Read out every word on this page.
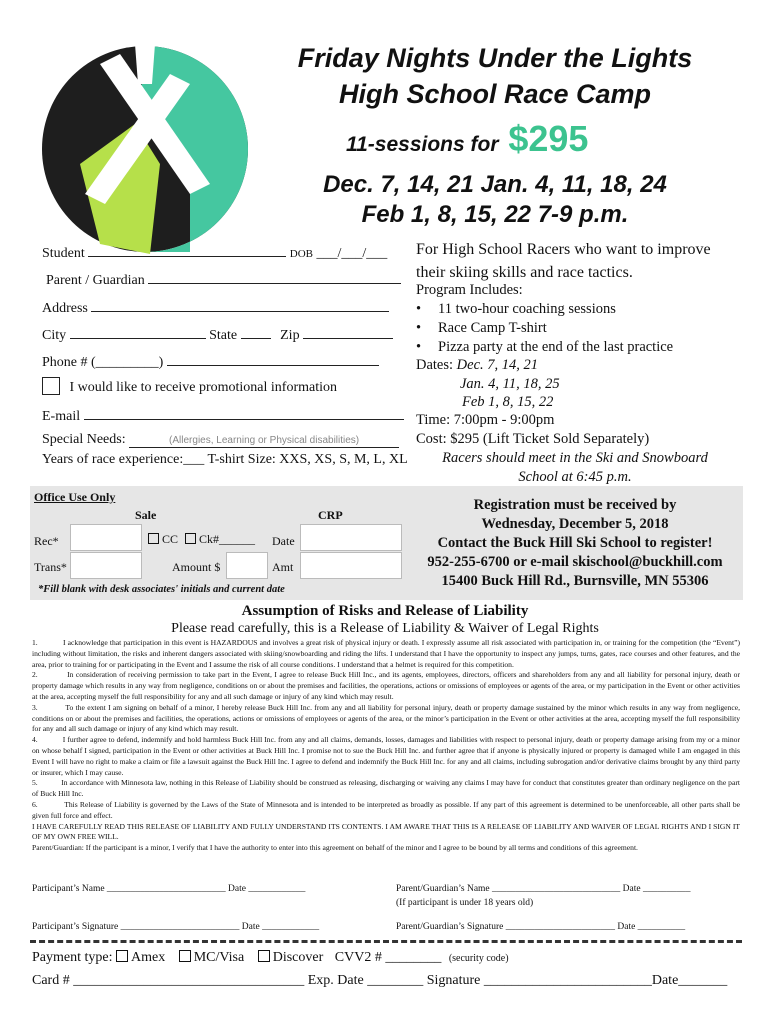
Friday Nights Under the Lights
High School Race Camp
11-sessions for $295
Dec. 7, 14, 21 Jan. 4, 11, 18, 24
Feb 1, 8, 15, 22 7-9 p.m.
Student	DOB ___/___/___
Parent / Guardian
Address
City	State	Zip
Phone # (_________)
I would like to receive promotional information
E-mail
Special Needs:	(Allergies, Learning or Physical disabilities)
Years of race experience:___ T-shirt Size: XXS, XS, S, M, L, XL
For High School Racers who want to improve their skiing skills and race tactics.
Program Includes:
• 11 two-hour coaching sessions
• Race Camp T-shirt
• Pizza party at the end of the last practice
Dates: Dec. 7, 14, 21
Jan. 4, 11, 18, 25
Feb 1, 8, 15, 22
Time: 7:00pm - 9:00pm
Cost: $295 (Lift Ticket Sold Separately)
Racers should meet in the Ski and Snowboard School at 6:45 p.m.
Office Use Only
Sale	CRP
Rec*	CC Ck#______ Date
Trans*	Amount $	Amt
*Fill blank with desk associates' initials and current date
Registration must be received by
Wednesday, December 5, 2018
Contact the Buck Hill Ski School to register!
952-255-6700 or e-mail skischool@buckhill.com
15400 Buck Hill Rd., Burnsville, MN 55306
Assumption of Risks and Release of Liability
Please read carefully, this is a Release of Liability & Waiver of Legal Rights

1.            I acknowledge that participation in this event is HAZARDOUS and involves a great risk of physical injury or death. I expressly assume all risk associated with participation in, or training for the competition (the “Event”) including without limitation, the risks and inherent dangers associated with skiing/snowboarding and riding the lifts. I understand that I have the opportunity to inspect any jumps, turns, gates, race courses and other features, and the area, prior to training for or participating in the Event and I assume the risk of all course conditions. I understand that a helmet is required for this competition.

2.            In consideration of receiving permission to take part in the Event, I agree to release Buck Hill Inc., and its agents, employees, directors, officers and shareholders from any and all liability for personal injury, death or property damage which results in any way from negligence, conditions on or about the premises and facilities, the operations, actions or omissions of employees or agents of the area, or my participation in the Event or other activities at the area, accepting myself the full responsibility for any and all such damage or injury of any kind which may result.

3.            To the extent I am signing on behalf of a minor, I hereby release Buck Hill Inc. from any and all liability for personal injury, death or property damage sustained by the minor which results in any way from negligence, conditions on or about the premises and facilities, the operations, actions or omissions of employees or agents of the area, or the minor’s participation in the Event or other activities at the area, accepting myself the full responsibility for any and all such damage or injury of any kind which may result.

4.            I further agree to defend, indemnify and hold harmless Buck Hill Inc. from any and all claims, demands, losses, damages and liabilities with respect to personal injury, death or property damage arising from my or a minor on whose behalf I signed, participation in the Event or other activities at Buck Hill Inc. I promise not to sue the Buck Hill Inc. and further agree that if anyone is physically injured or property is damaged while I am engaged in this Event I will have no right to make a claim or file a lawsuit against the Buck Hill Inc. I agree to defend and indemnify the Buck Hill Inc. for any and all claims, including subrogation and/or derivative claims brought by any third party or insurer, which I may cause.

5.            In accordance with Minnesota law, nothing in this Release of Liability should be construed as releasing, discharging or waiving any claims I may have for conduct that constitutes greater than ordinary negligence on the part of Buck Hill Inc.

6.            This Release of Liability is governed by the Laws of the State of Minnesota and is intended to be interpreted as broadly as possible. If any part of this agreement is determined to be unenforceable, all other parts shall be given full force and effect.

I HAVE CAREFULLY READ THIS RELEASE OF LIABILITY AND FULLY UNDERSTAND ITS CONTENTS. I AM AWARE THAT THIS IS A RELEASE OF LIABILITY AND WAIVER OF LEGAL RIGHTS AND I SIGN IT OF MY OWN FREE WILL.

Parent/Guardian: If the participant is a minor, I verify that I have the authority to enter into this agreement on behalf of the minor and I agree to be bound by all terms and conditions of this agreement.

Participant’s Name _________________________ Date ____________	Parent/Guardian’s Name ___________________________ Date __________
(If participant is under 18 years old)
Participant’s Signature _________________________ Date ____________	Parent/Guardian’s Signature _______________________ Date __________
Payment type: Amex MC/Visa Discover CVV2 # ________ (security code)
Card # _________________________________ Exp. Date ________ Signature ________________________Date_______
